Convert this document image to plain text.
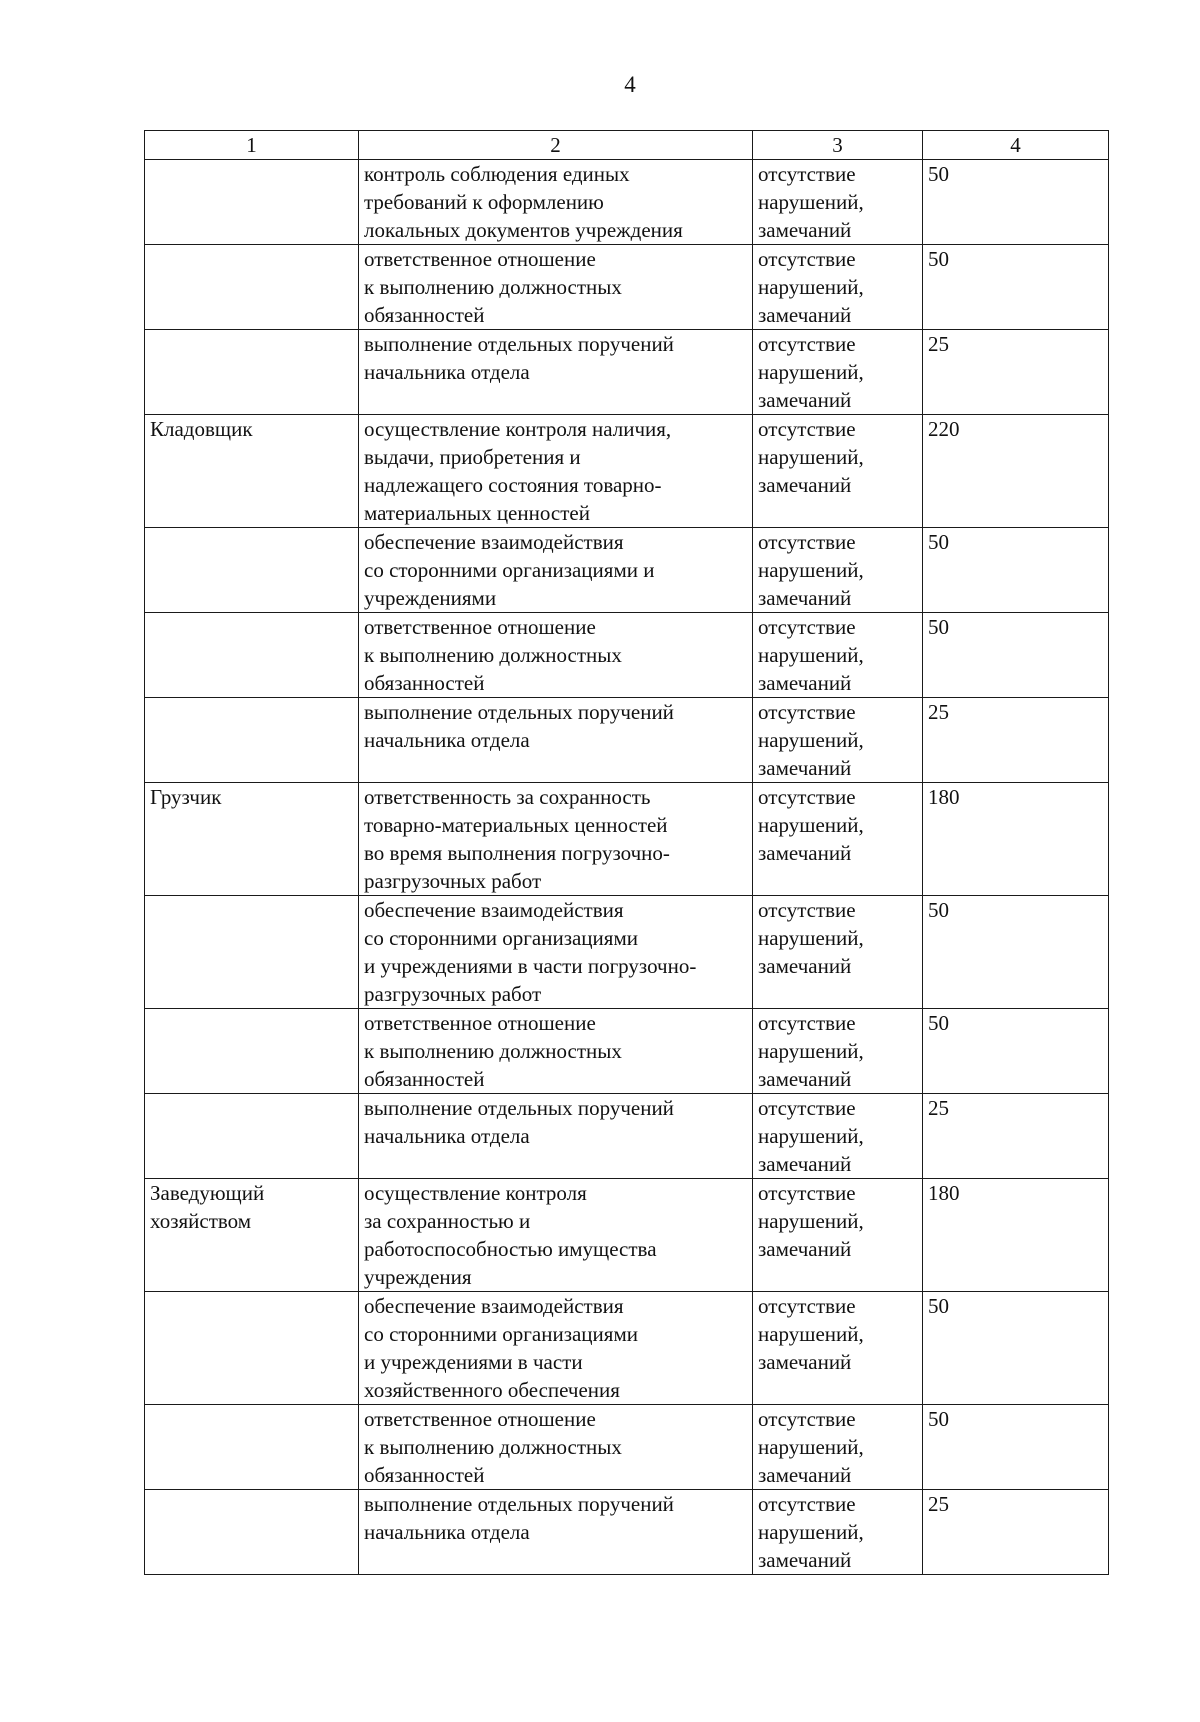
4
1	2	3	4

	контроль соблюдения единых
требований к оформлению
локальных документов учреждения	отсутствие
нарушений,
замечаний	50

	ответственное отношение
к выполнению должностных
обязанностей	отсутствие
нарушений,
замечаний	50

	выполнение отдельных поручений
начальника отдела	отсутствие
нарушений,
замечаний	25

Кладовщик	осуществление контроля наличия,
выдачи, приобретения и
надлежащего состояния товарно-
материальных ценностей	отсутствие
нарушений,
замечаний	220

	обеспечение взаимодействия
со сторонними организациями и
учреждениями	отсутствие
нарушений,
замечаний	50

	ответственное отношение
к выполнению должностных
обязанностей	отсутствие
нарушений,
замечаний	50

	выполнение отдельных поручений
начальника отдела	отсутствие
нарушений,
замечаний	25

Грузчик	ответственность за сохранность
товарно-материальных ценностей
во время выполнения погрузочно-
разгрузочных работ	отсутствие
нарушений,
замечаний	180

	обеспечение взаимодействия
со сторонними организациями
и учреждениями в части погрузочно-
разгрузочных работ	отсутствие
нарушений,
замечаний	50

	ответственное отношение
к выполнению должностных
обязанностей	отсутствие
нарушений,
замечаний	50

	выполнение отдельных поручений
начальника отдела	отсутствие
нарушений,
замечаний	25

Заведующий
хозяйством	осуществление контроля
за сохранностью и
работоспособностью имущества
учреждения	отсутствие
нарушений,
замечаний	180

	обеспечение взаимодействия
со сторонними организациями
и учреждениями в части
хозяйственного обеспечения	отсутствие
нарушений,
замечаний	50

	ответственное отношение
к выполнению должностных
обязанностей	отсутствие
нарушений,
замечаний	50

	выполнение отдельных поручений
начальника отдела	отсутствие
нарушений,
замечаний	25
